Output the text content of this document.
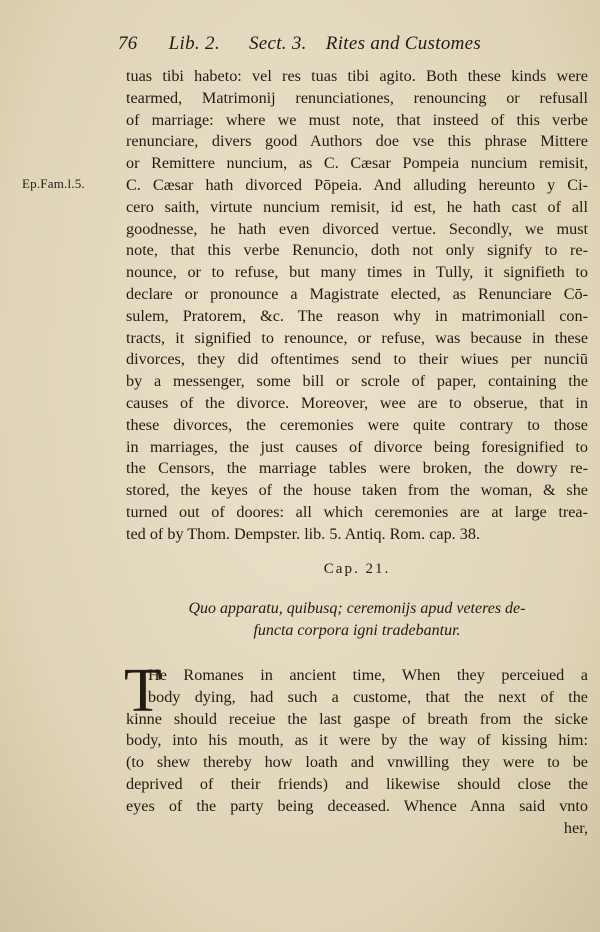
76 Lib. 2. Sect. 3. Rites and Customes
Ep.Fam.l.5.
tuas tibi habeto: vel res tuas tibi agito. Both these kinds were
tearmed, Matrimonij renunciationes, renouncing or refusall
of marriage: where we must note, that insteed of this verbe
renunciare, divers good Authors doe vse this phrase Mittere
or Remittere nuncium, as C. Cæsar Pompeia nuncium remisit,
C. Cæsar hath divorced Pōpeia. And alluding hereunto y Ci-
cero saith, virtute nuncium remisit, id est, he hath cast of all
goodnesse, he hath even divorced vertue. Secondly, we must
note, that this verbe Renuncio, doth not only signify to re-
nounce, or to refuse, but many times in Tully, it signifieth to
declare or pronounce a Magistrate elected, as Renunciare Cō-
sulem, Pratorem, &c. The reason why in matrimoniall con-
tracts, it signified to renounce, or refuse, was because in these
divorces, they did oftentimes send to their wiues per nunciū
by a messenger, some bill or scrole of paper, containing the
causes of the divorce. Moreover, wee are to obserue, that in
these divorces, the ceremonies were quite contrary to those
in marriages, the just causes of divorce being foresignified to
the Censors, the marriage tables were broken, the dowry re-
stored, the keyes of the house taken from the woman, & she
turned out of doores: all which ceremonies are at large trea-
ted of by Thom. Dempster. lib. 5. Antiq. Rom. cap. 38.
Cap. 21.
Quo apparatu, quibusq; ceremonijs apud veteres de-
functa corpora igni tradebantur.
T
He Romanes in ancient time, When they perceiued a
body dying, had such a custome, that the next of the
kinne should receiue the last gaspe of breath from the sicke
body, into his mouth, as it were by the way of kissing him:
(to shew thereby how loath and vnwilling they were to be
deprived of their friends) and likewise should close the
eyes of the party being deceased. Whence Anna said vnto
her,
